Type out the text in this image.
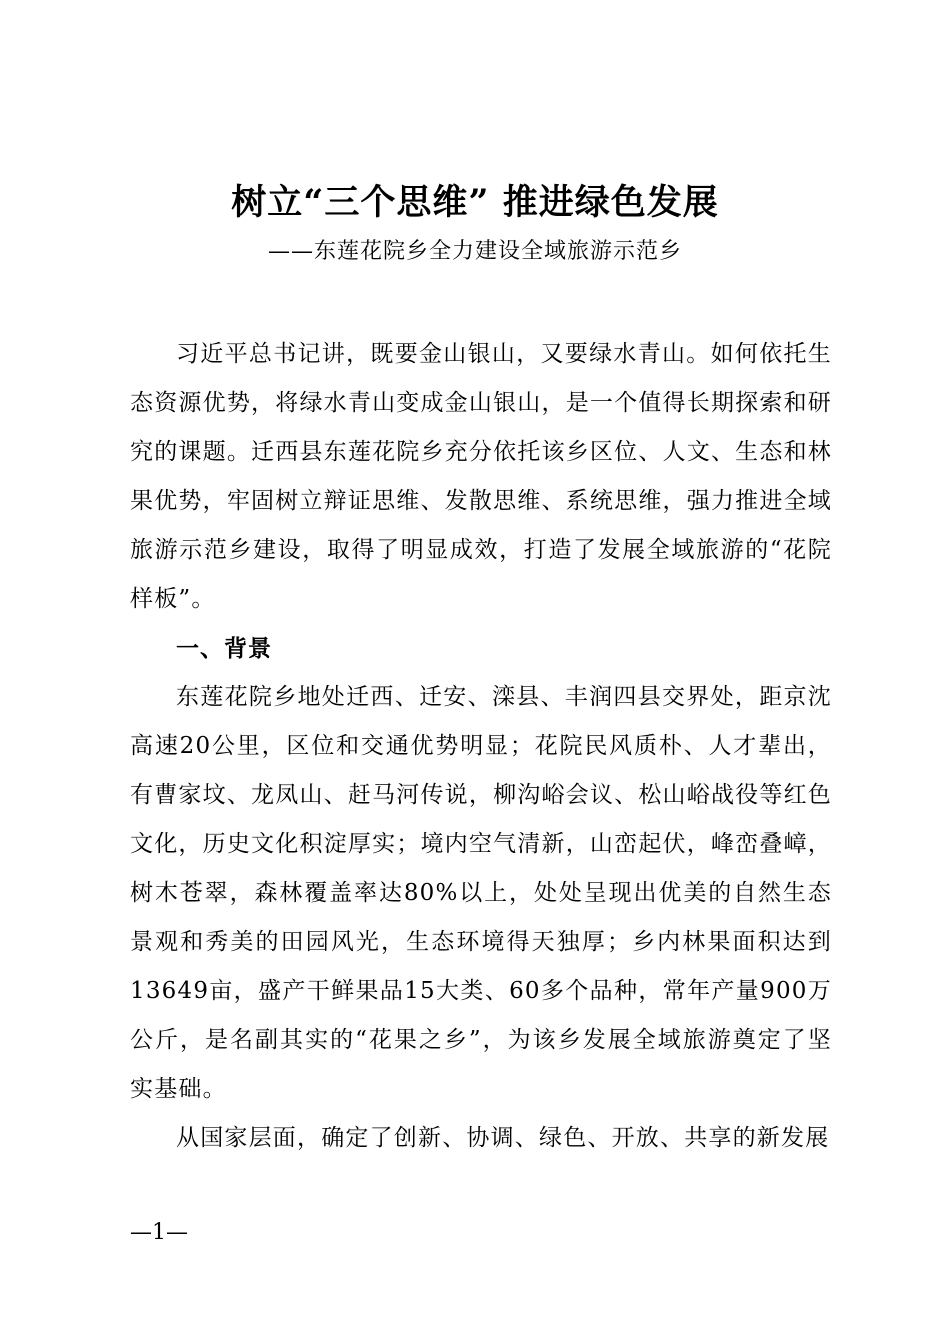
树立“三个思维” 推进绿色发展
——东莲花院乡全力建设全域旅游示范乡

习近平总书记讲，既要金山银山，又要绿水青山。如何依托生态资源优势，将绿水青山变成金山银山，是一个值得长期探索和研究的课题。迁西县东莲花院乡充分依托该乡区位、人文、生态和林果优势，牢固树立辩证思维、发散思维、系统思维，强力推进全域旅游示范乡建设，取得了明显成效，打造了发展全域旅游的“花院样板”。

一、背景

东莲花院乡地处迁西、迁安、滦县、丰润四县交界处，距京沈高速20公里，区位和交通优势明显；花院民风质朴、人才辈出，有曹家坟、龙凤山、赶马河传说，柳沟峪会议、松山峪战役等红色文化，历史文化积淀厚实；境内空气清新，山峦起伏，峰峦叠嶂，树木苍翠，森林覆盖率达80%以上，处处呈现出优美的自然生态景观和秀美的田园风光，生态环境得天独厚；乡内林果面积达到13649亩，盛产干鲜果品15大类、60多个品种，常年产量900万公斤，是名副其实的“花果之乡”，为该乡发展全域旅游奠定了坚实基础。

从国家层面，确定了创新、协调、绿色、开放、共享的新发展

—1—
